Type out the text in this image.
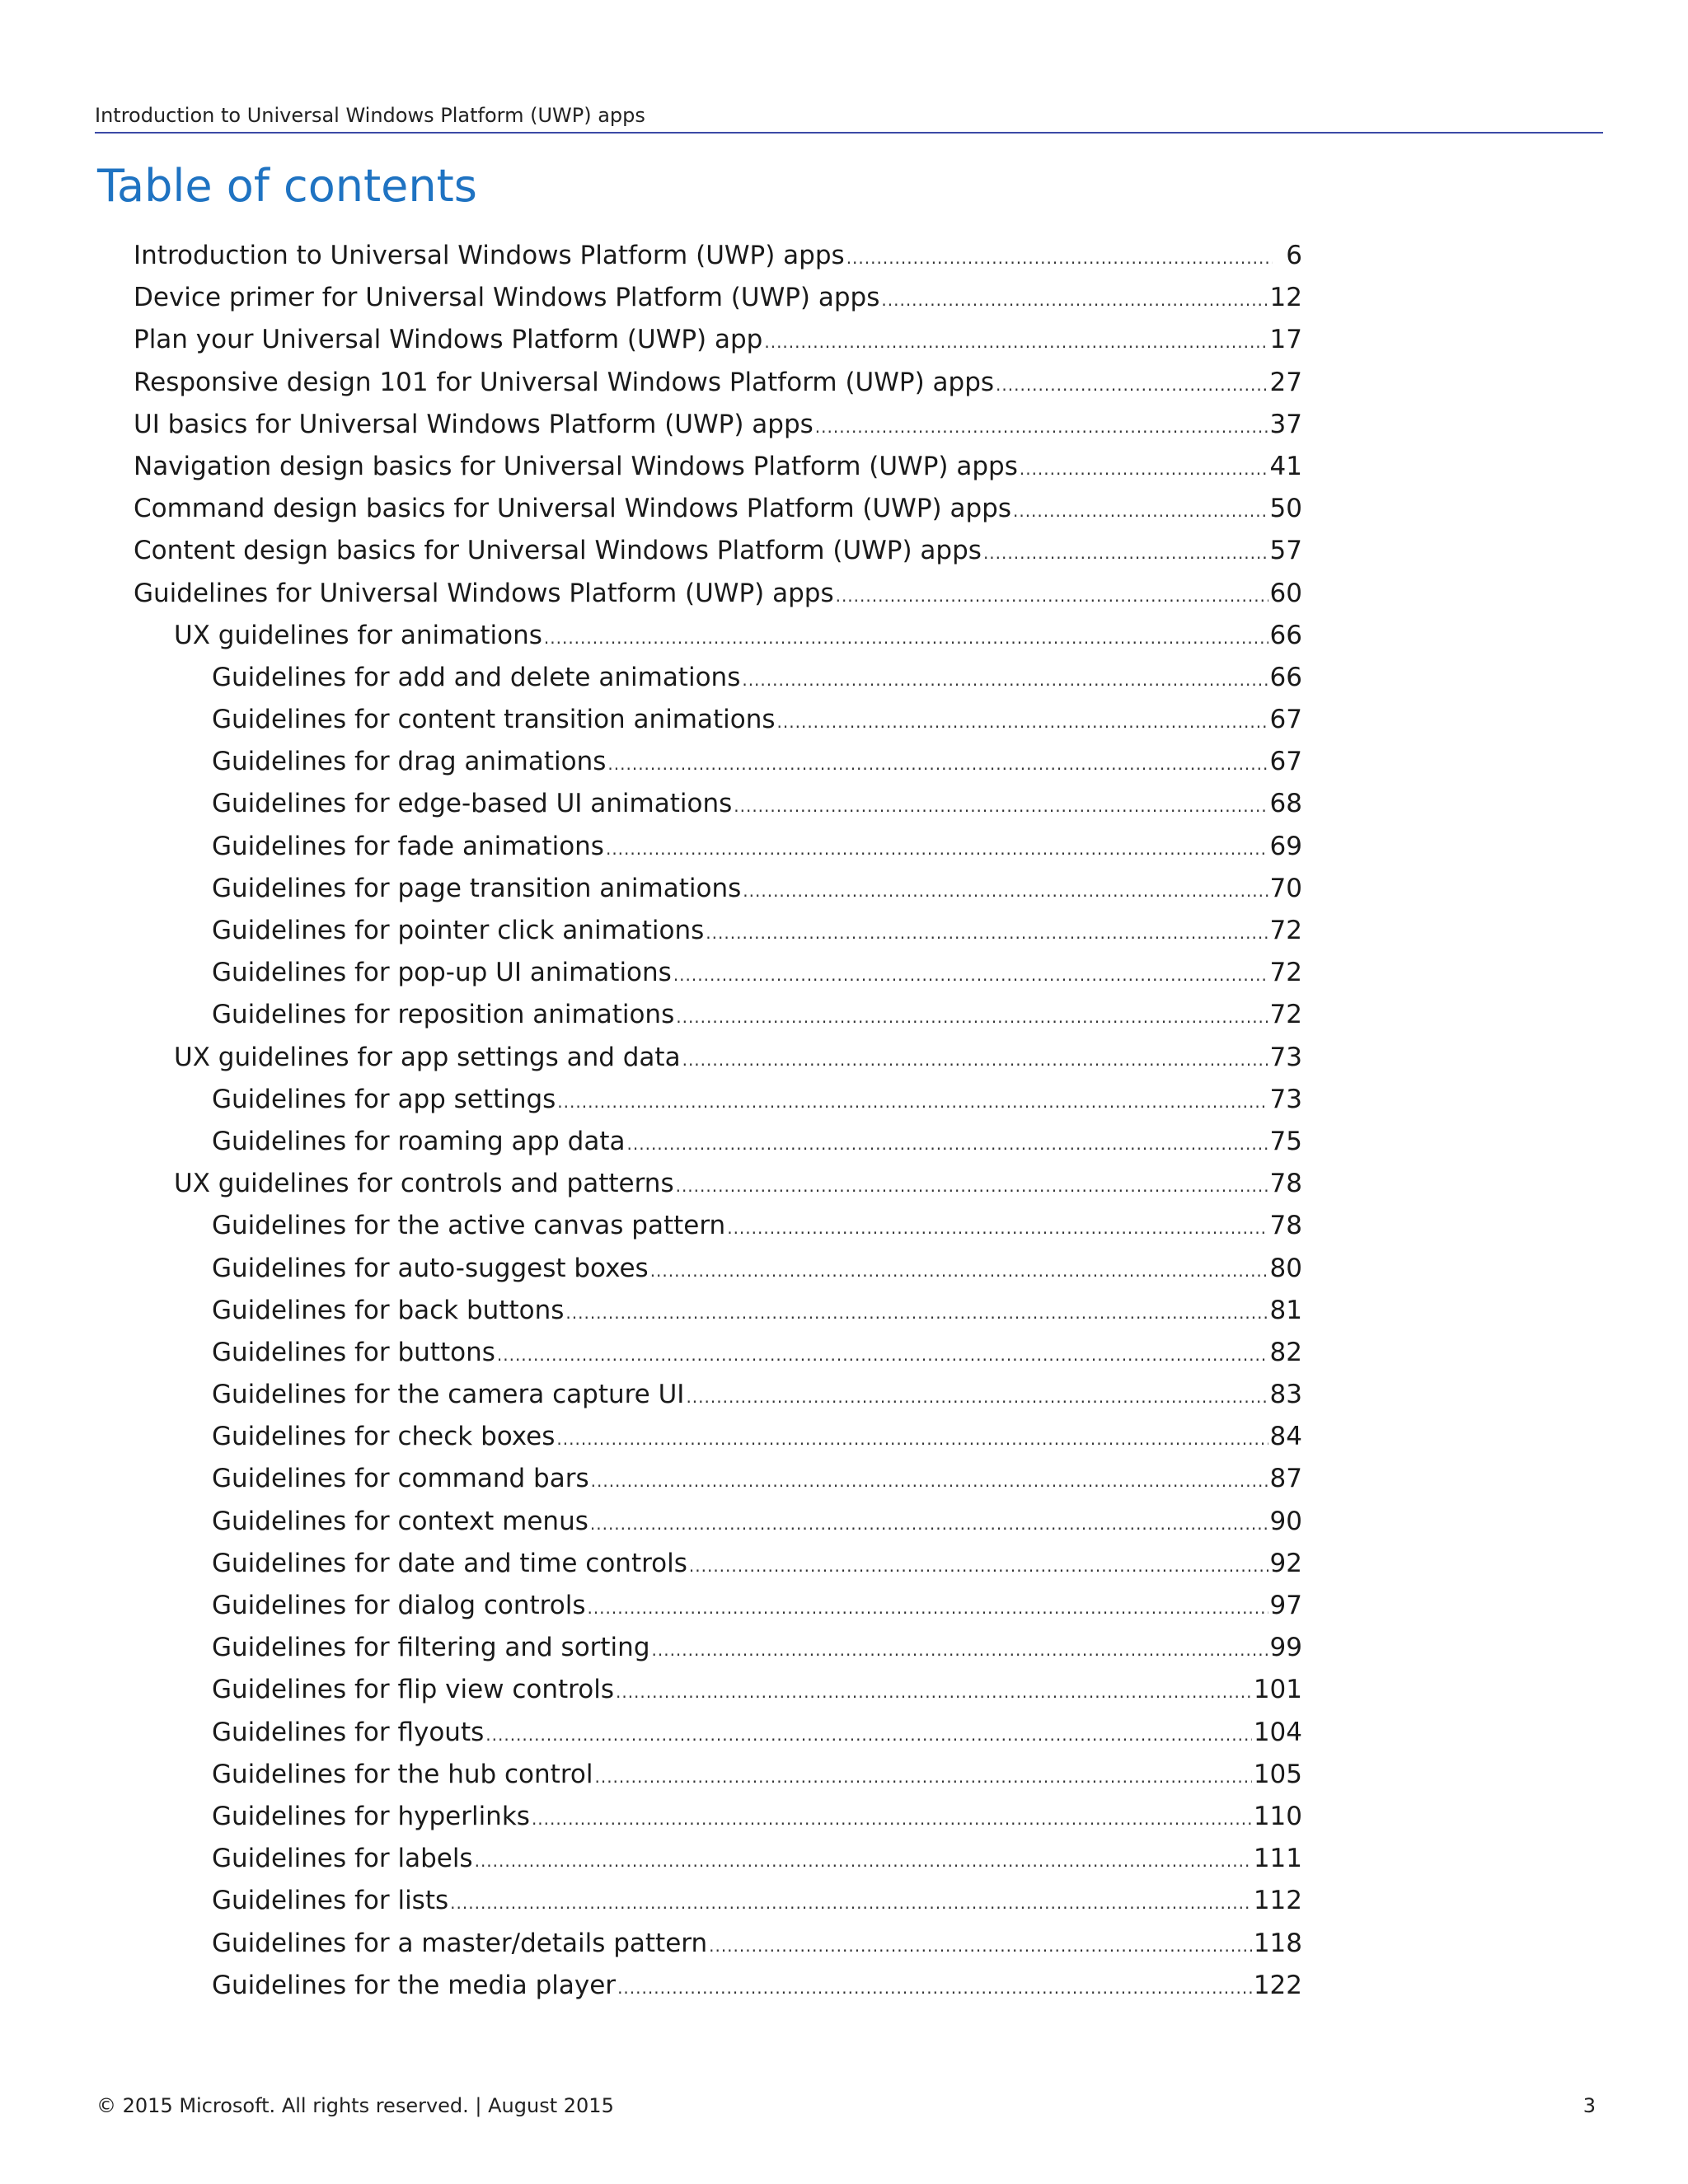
Introduction to Universal Windows Platform (UWP) apps
Table of contents
Introduction to Universal Windows Platform (UWP) apps .....	6
Device primer for Universal Windows Platform (UWP) apps .....	12
Plan your Universal Windows Platform (UWP) app .....	17
Responsive design 101 for Universal Windows Platform (UWP) apps .....	27
UI basics for Universal Windows Platform (UWP) apps .....	37
Navigation design basics for Universal Windows Platform (UWP) apps .....	41
Command design basics for Universal Windows Platform (UWP) apps .....	50
Content design basics for Universal Windows Platform (UWP) apps .....	57
Guidelines for Universal Windows Platform (UWP) apps .....	60
UX guidelines for animations .....	66
Guidelines for add and delete animations .....	66
Guidelines for content transition animations .....	67
Guidelines for drag animations .....	67
Guidelines for edge-based UI animations .....	68
Guidelines for fade animations .....	69
Guidelines for page transition animations .....	70
Guidelines for pointer click animations .....	72
Guidelines for pop-up UI animations .....	72
Guidelines for reposition animations .....	72
UX guidelines for app settings and data .....	73
Guidelines for app settings .....	73
Guidelines for roaming app data .....	75
UX guidelines for controls and patterns .....	78
Guidelines for the active canvas pattern .....	78
Guidelines for auto-suggest boxes .....	80
Guidelines for back buttons .....	81
Guidelines for buttons .....	82
Guidelines for the camera capture UI .....	83
Guidelines for check boxes .....	84
Guidelines for command bars .....	87
Guidelines for context menus .....	90
Guidelines for date and time controls .....	92
Guidelines for dialog controls .....	97
Guidelines for filtering and sorting .....	99
Guidelines for flip view controls .....	101
Guidelines for flyouts .....	104
Guidelines for the hub control .....	105
Guidelines for hyperlinks .....	110
Guidelines for labels .....	111
Guidelines for lists .....	112
Guidelines for a master/details pattern .....	118
Guidelines for the media player .....	122
© 2015 Microsoft. All rights reserved. | August 2015	3
